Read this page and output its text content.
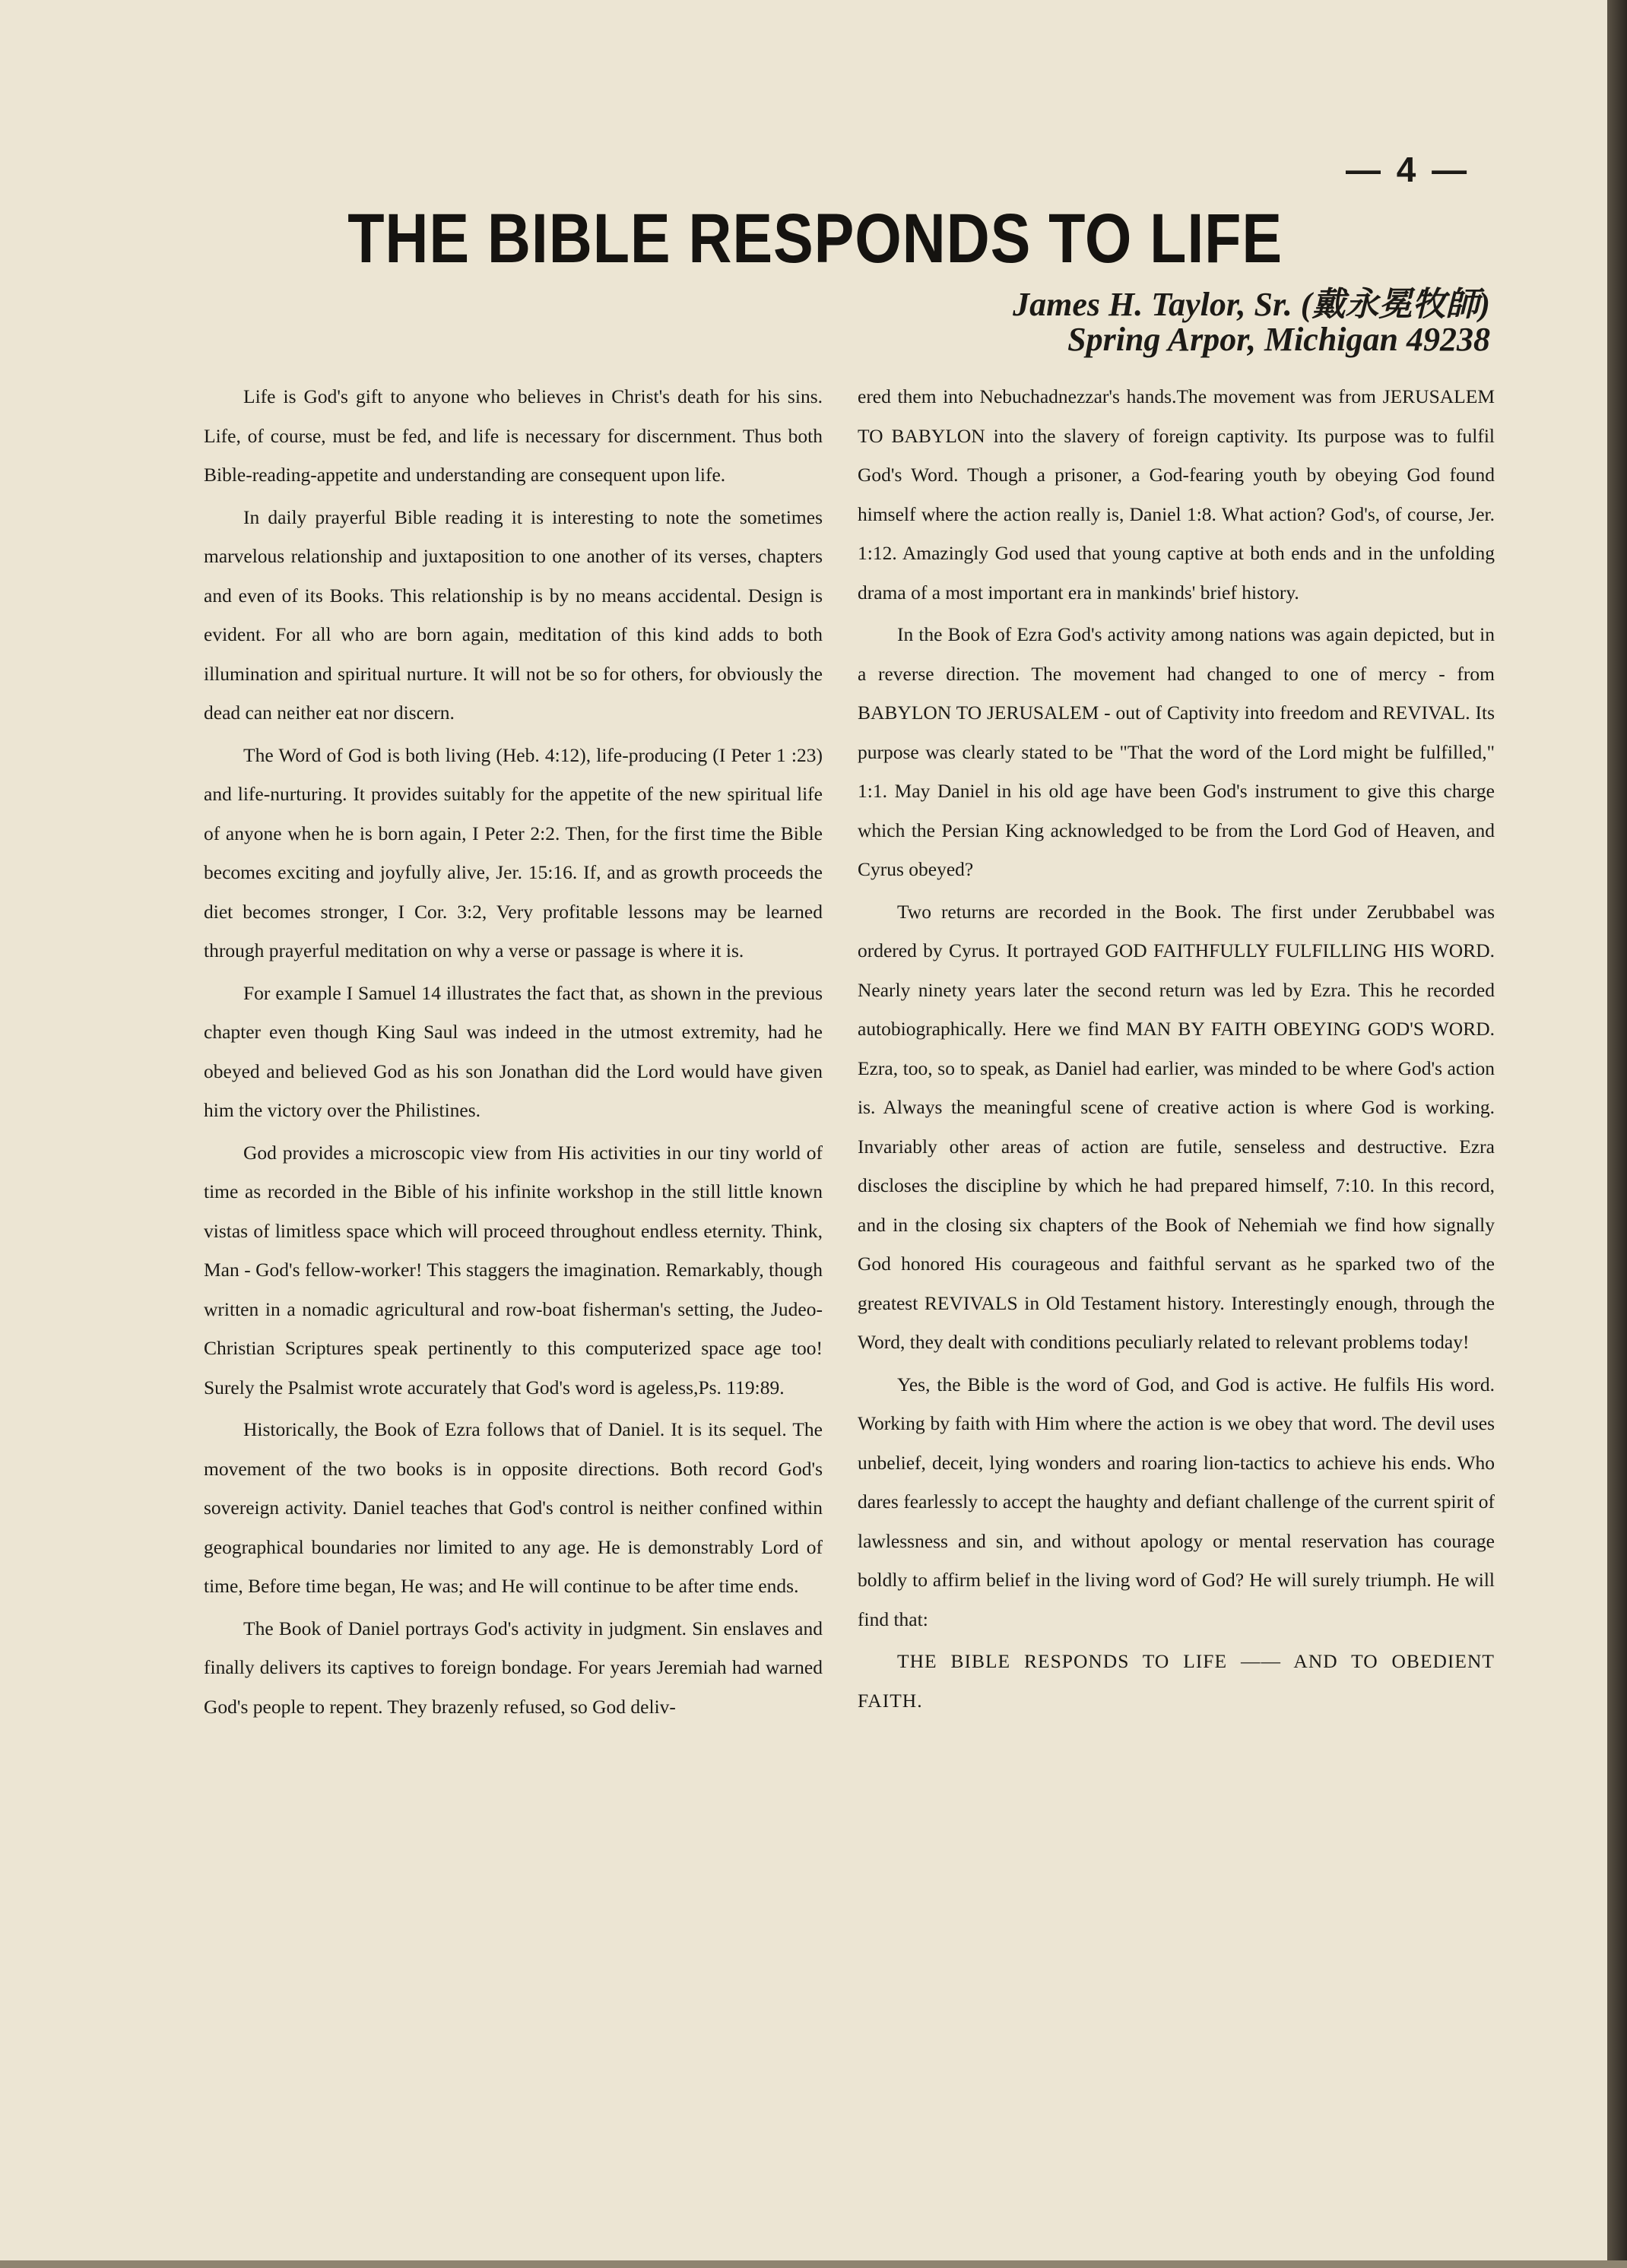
— 4 —
THE BIBLE RESPONDS TO LIFE
James H. Taylor, Sr. (戴永冕牧師)
Spring Arpor, Michigan 49238

Life is God's gift to anyone who believes in Christ's death for his sins. Life, of course, must be fed, and life is necessary for discernment. Thus both Bible-reading-appetite and understanding are consequent upon life.

In daily prayerful Bible reading it is interesting to note the sometimes marvelous relationship and juxtaposition to one another of its verses, chapters and even of its Books. This relationship is by no means accidental. Design is evident. For all who are born again, meditation of this kind adds to both illumination and spiritual nurture. It will not be so for others, for obviously the dead can neither eat nor discern.

The Word of God is both living (Heb. 4:12), life-producing (I Peter 1 :23) and life-nurturing. It provides suitably for the appetite of the new spiritual life of anyone when he is born again, I Peter 2:2. Then, for the first time the Bible becomes exciting and joyfully alive, Jer. 15:16. If, and as growth proceeds the diet becomes stronger, I Cor. 3:2, Very profitable lessons may be learned through prayerful meditation on why a verse or passage is where it is.

For example I Samuel 14 illustrates the fact that, as shown in the previous chapter even though King Saul was indeed in the utmost extremity, had he obeyed and believed God as his son Jonathan did the Lord would have given him the victory over the Philistines.

God provides a microscopic view from His activities in our tiny world of time as recorded in the Bible of his infinite workshop in the still little known vistas of limitless space which will proceed throughout endless eternity. Think, Man - God's fellow-worker! This staggers the imagination. Remarkably, though written in a nomadic agricultural and row-boat fisherman's setting, the Judeo-Christian Scriptures speak pertinently to this computerized space age too! Surely the Psalmist wrote accurately that God's word is ageless,Ps. 119:89.

Historically, the Book of Ezra follows that of Daniel. It is its sequel. The movement of the two books is in opposite directions. Both record God's sovereign activity. Daniel teaches that God's control is neither confined within geographical boundaries nor limited to any age. He is demonstrably Lord of time, Before time began, He was; and He will continue to be after time ends.

The Book of Daniel portrays God's activity in judgment. Sin enslaves and finally delivers its captives to foreign bondage. For years Jeremiah had warned God's people to repent. They brazenly refused, so God deliv-

ered them into Nebuchadnezzar's hands.The movement was from JERUSALEM TO BABYLON into the slavery of foreign captivity. Its purpose was to fulfil God's Word. Though a prisoner, a God-fearing youth by obeying God found himself where the action really is, Daniel 1:8. What action? God's, of course, Jer. 1:12. Amazingly God used that young captive at both ends and in the unfolding drama of a most important era in mankinds' brief history.

In the Book of Ezra God's activity among nations was again depicted, but in a reverse direction. The movement had changed to one of mercy - from BABYLON TO JERUSALEM - out of Captivity into freedom and REVIVAL. Its purpose was clearly stated to be "That the word of the Lord might be fulfilled," 1:1. May Daniel in his old age have been God's instrument to give this charge which the Persian King acknowledged to be from the Lord God of Heaven, and Cyrus obeyed?

Two returns are recorded in the Book. The first under Zerubbabel was ordered by Cyrus. It portrayed GOD FAITHFULLY FULFILLING HIS WORD. Nearly ninety years later the second return was led by Ezra. This he recorded autobiographically. Here we find MAN BY FAITH OBEYING GOD'S WORD. Ezra, too, so to speak, as Daniel had earlier, was minded to be where God's action is. Always the meaningful scene of creative action is where God is working. Invariably other areas of action are futile, senseless and destructive. Ezra discloses the discipline by which he had prepared himself, 7:10. In this record, and in the closing six chapters of the Book of Nehemiah we find how signally God honored His courageous and faithful servant as he sparked two of the greatest REVIVALS in Old Testament history. Interestingly enough, through the Word, they dealt with conditions peculiarly related to relevant problems today!

Yes, the Bible is the word of God, and God is active. He fulfils His word. Working by faith with Him where the action is we obey that word. The devil uses unbelief, deceit, lying wonders and roaring lion-tactics to achieve his ends. Who dares fearlessly to accept the haughty and defiant challenge of the current spirit of lawlessness and sin, and without apology or mental reservation has courage boldly to affirm belief in the living word of God? He will surely triumph. He will find that:

THE BIBLE RESPONDS TO LIFE —— AND TO OBEDIENT FAITH.
